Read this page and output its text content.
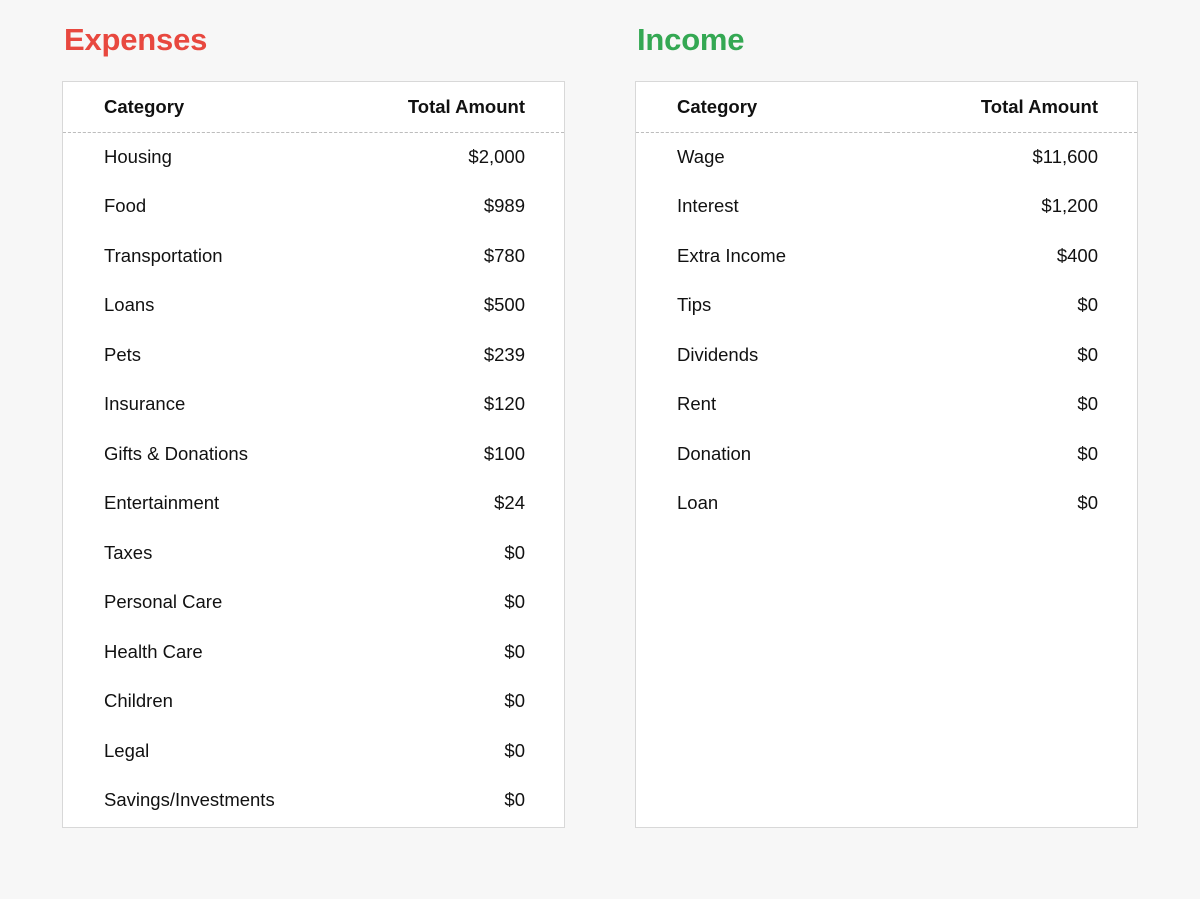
Expenses
Category	Total Amount
Housing	$2,000
Food	$989
Transportation	$780
Loans	$500
Pets	$239
Insurance	$120
Gifts & Donations	$100
Entertainment	$24
Taxes	$0
Personal Care	$0
Health Care	$0
Children	$0
Legal	$0
Savings/Investments	$0
Income
Category	Total Amount
Wage	$11,600
Interest	$1,200
Extra Income	$400
Tips	$0
Dividends	$0
Rent	$0
Donation	$0
Loan	$0
